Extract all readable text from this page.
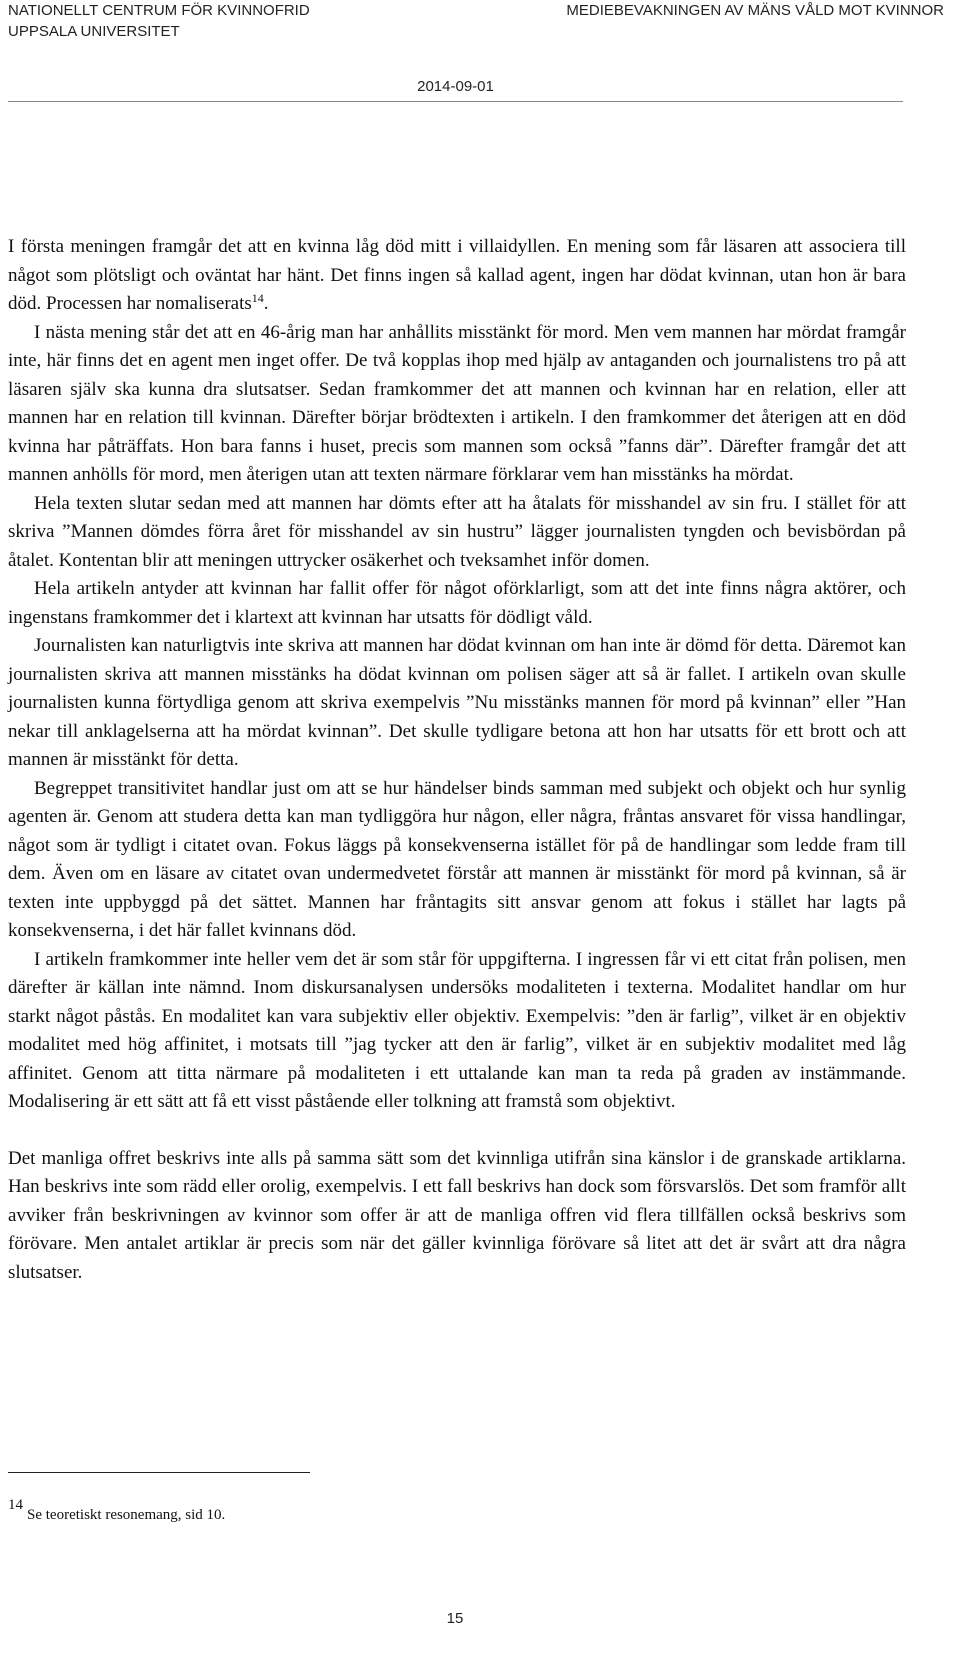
NATIONELLT CENTRUM FÖR KVINNOFRID
UPPSALA UNIVERSITET
MEDIEBEVAKNINGEN AV MÄNS VÅLD MOT KVINNOR
2014-09-01

I första meningen framgår det att en kvinna låg död mitt i villaidyllen. En mening som får läsaren att associera till något som plötsligt och oväntat har hänt. Det finns ingen så kallad agent, ingen har dödat kvinnan, utan hon är bara död. Processen har nomaliserats$^{14}$.

I nästa mening står det att en 46-årig man har anhållits misstänkt för mord. Men vem mannen har mördat framgår inte, här finns det en agent men inget offer. De två kopplas ihop med hjälp av antaganden och journalistens tro på att läsaren själv ska kunna dra slutsatser. Sedan framkommer det att mannen och kvinnan har en relation, eller att mannen har en relation till kvinnan. Därefter börjar brödtexten i artikeln. I den framkommer det återigen att en död kvinna har påträffats. Hon bara fanns i huset, precis som mannen som också ”fanns där”. Därefter framgår det att mannen anhölls för mord, men återigen utan att texten närmare förklarar vem han misstänks ha mördat.

Hela texten slutar sedan med att mannen har dömts efter att ha åtalats för misshandel av sin fru. I stället för att skriva ”Mannen dömdes förra året för misshandel av sin hustru” lägger journalisten tyngden och bevisbördan på åtalet. Kontentan blir att meningen uttrycker osäkerhet och tveksamhet inför domen.

Hela artikeln antyder att kvinnan har fallit offer för något oförklarligt, som att det inte finns några aktörer, och ingenstans framkommer det i klartext att kvinnan har utsatts för dödligt våld.

Journalisten kan naturligtvis inte skriva att mannen har dödat kvinnan om han inte är dömd för detta. Däremot kan journalisten skriva att mannen misstänks ha dödat kvinnan om polisen säger att så är fallet. I artikeln ovan skulle journalisten kunna förtydliga genom att skriva exempelvis ”Nu misstänks mannen för mord på kvinnan” eller ”Han nekar till anklagelserna att ha mördat kvinnan”. Det skulle tydligare betona att hon har utsatts för ett brott och att mannen är misstänkt för detta.

Begreppet transitivitet handlar just om att se hur händelser binds samman med subjekt och objekt och hur synlig agenten är. Genom att studera detta kan man tydliggöra hur någon, eller några, fråntas ansvaret för vissa handlingar, något som är tydligt i citatet ovan. Fokus läggs på konsekvenserna istället för på de handlingar som ledde fram till dem. Även om en läsare av citatet ovan undermedvetet förstår att mannen är misstänkt för mord på kvinnan, så är texten inte uppbyggd på det sättet. Mannen har fråntagits sitt ansvar genom att fokus i stället har lagts på konsekvenserna, i det här fallet kvinnans död.

I artikeln framkommer inte heller vem det är som står för uppgifterna. I ingressen får vi ett citat från polisen, men därefter är källan inte nämnd. Inom diskursanalysen undersöks modaliteten i texterna. Modalitet handlar om hur starkt något påstås. En modalitet kan vara subjektiv eller objektiv. Exempelvis: ”den är farlig”, vilket är en objektiv modalitet med hög affinitet, i motsats till ”jag tycker att den är farlig”, vilket är en subjektiv modalitet med låg affinitet. Genom att titta närmare på modaliteten i ett uttalande kan man ta reda på graden av instämmande. Modalisering är ett sätt att få ett visst påstående eller tolkning att framstå som objektivt.

Det manliga offret beskrivs inte alls på samma sätt som det kvinnliga utifrån sina känslor i de granskade artiklarna. Han beskrivs inte som rädd eller orolig, exempelvis. I ett fall beskrivs han dock som försvarslös. Det som framför allt avviker från beskrivningen av kvinnor som offer är att de manliga offren vid flera tillfällen också beskrivs som förövare. Men antalet artiklar är precis som när det gäller kvinnliga förövare så litet att det är svårt att dra några slutsatser.

14Se teoretiskt resonemang, sid 10.
15
